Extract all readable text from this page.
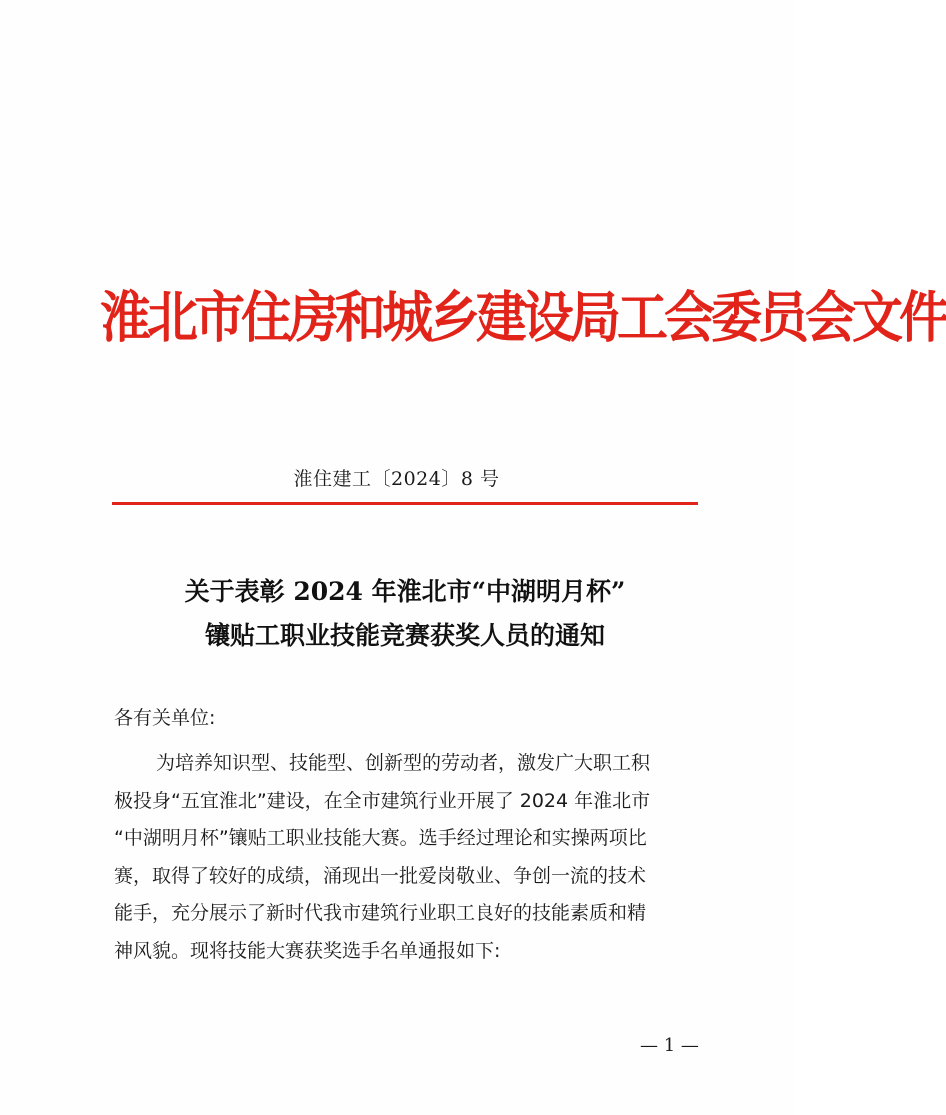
淮北市住房和城乡建设局工会委员会文件
淮住建工〔2024〕8 号
关于表彰 2024 年淮北市“中湖明月杯”
镶贴工职业技能竞赛获奖人员的通知
各有关单位:
为培养知识型、技能型、创新型的劳动者，激发广大职工积
极投身“五宜淮北”建设，在全市建筑行业开展了 2024 年淮北市
“中湖明月杯”镶贴工职业技能大赛。选手经过理论和实操两项比
赛，取得了较好的成绩，涌现出一批爱岗敬业、争创一流的技术
能手，充分展示了新时代我市建筑行业职工良好的技能素质和精
神风貌。现将技能大赛获奖选手名单通报如下:
— 1 —
